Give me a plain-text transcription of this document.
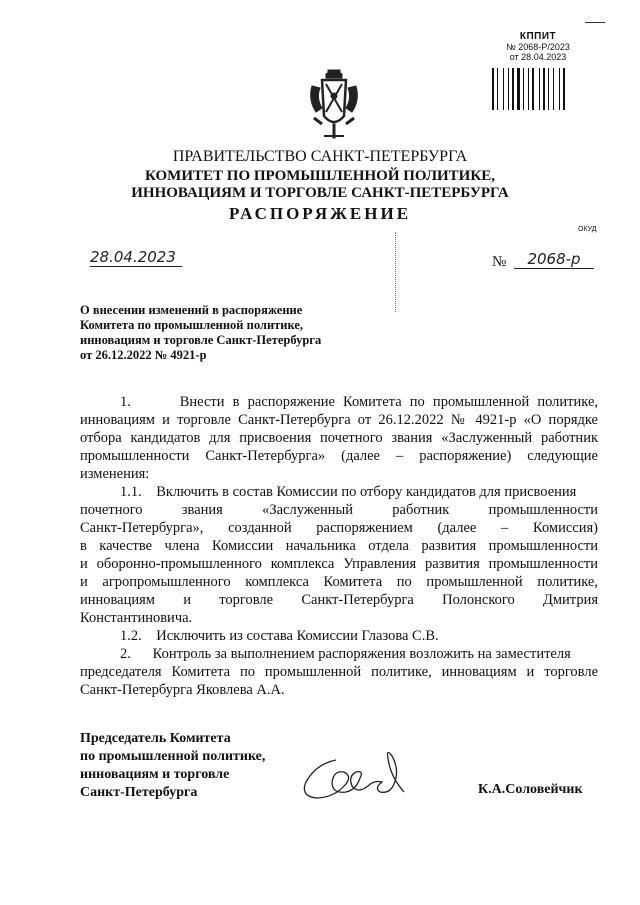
КППИТ
№ 2068-Р/2023
от 28.04.2023
ПРАВИТЕЛЬСТВО САНКТ-ПЕТЕРБУРГА
КОМИТЕТ ПО ПРОМЫШЛЕННОЙ ПОЛИТИКЕ,
ИННОВАЦИЯМ И ТОРГОВЛЕ САНКТ-ПЕТЕРБУРГА
РАСПОРЯЖЕНИЕ
ОКУД
28.04.2023	№	2068-р
О внесении изменений в распоряжение
Комитета по промышленной политике,
инновациям и торговле Санкт-Петербурга
от 26.12.2022 № 4921-р

1.      Внести в распоряжение Комитета по промышленной политике,

инновациям и торговле Санкт-Петербурга от 26.12.2022 № 4921-р «О порядке

отбора кандидатов для присвоения почетного звания «Заслуженный работник

промышленности Санкт-Петербурга» (далее – распоряжение) следующие

изменения:

1.1.    Включить в состав Комиссии по отбору кандидатов для присвоения

почетного звания «Заслуженный работник промышленности

Санкт-Петербурга», созданной распоряжением (далее – Комиссия)

в качестве члена Комиссии начальника отдела развития промышленности

и оборонно-промышленного комплекса Управления развития промышленности

и агропромышленного комплекса Комитета по промышленной политике,

инновациям и торговле Санкт-Петербурга Полонского Дмитрия

Константиновича.

1.2.    Исключить из состава Комиссии Глазова С.В.

2.      Контроль за выполнением распоряжения возложить на заместителя

председателя Комитета по промышленной политике, инновациям и торговле

Санкт-Петербурга Яковлева А.А.

Председатель Комитета
по промышленной политике,
инновациям и торговле
Санкт-Петербурга	К.А.Соловейчик
